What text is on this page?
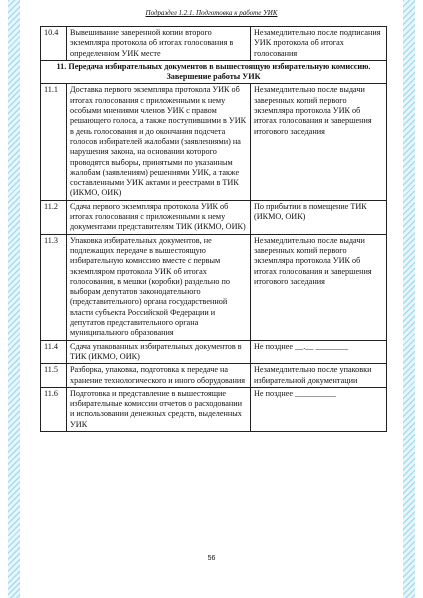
Подраздел 1.2.1. Подготовка к работе УИК
10.4	Вывешивание заверенной копии второго экземпляра протокола об итогах голосования в определенном УИК месте	Незамедлительно после подписания УИК протокола об итогах голосования
11. Передача избирательных документов в вышестоящую избирательную комиссию. Завершение работы УИК		
11.1	Доставка первого экземпляра протокола УИК об итогах голосования с приложенными к нему особыми мнениями членов УИК с правом решающего голоса, а также поступившими в УИК в день голосования и до окончания подсчета голосов избирателей жалобами (заявлениями) на нарушения закона, на основании которого проводятся выборы, принятыми по указанным жалобам (заявлениям) решениями УИК, а также составленными УИК актами и реестрами в ТИК (ИКМО, ОИК)	Незамедлительно после выдачи заверенных копий первого экземпляра протокола УИК об итогах голосования и завершения итогового заседания
11.2	Сдача первого экземпляра протокола УИК об итогах голосования с приложенными к нему документами представителям ТИК (ИКМО, ОИК)	По прибытии в помещение ТИК (ИКМО, ОИК)
11.3	Упаковка избирательных документов, не подлежащих передаче в вышестоящую избирательную комиссию вместе с первым экземпляром протокола УИК об итогах голосования, в мешки (коробки) раздельно по выборам депутатов законодательного (представительного) органа государственной власти субъекта Российской Федерации и депутатов представительного органа муниципального образования	Незамедлительно после выдачи заверенных копий первого экземпляра протокола УИК об итогах голосования и завершения итогового заседания
11.4	Сдача упакованных избирательных документов в ТИК (ИКМО, ОИК)	Не позднее __.__ ________
11.5	Разборка, упаковка, подготовка к передаче на хранение технологического и иного оборудования	Незамедлительно после упаковки избирательной документации
11.6	Подготовка и представление в вышестоящие избирательные комиссии отчетов о расходовании и использовании денежных средств, выделенных УИК	Не позднее __________
56
